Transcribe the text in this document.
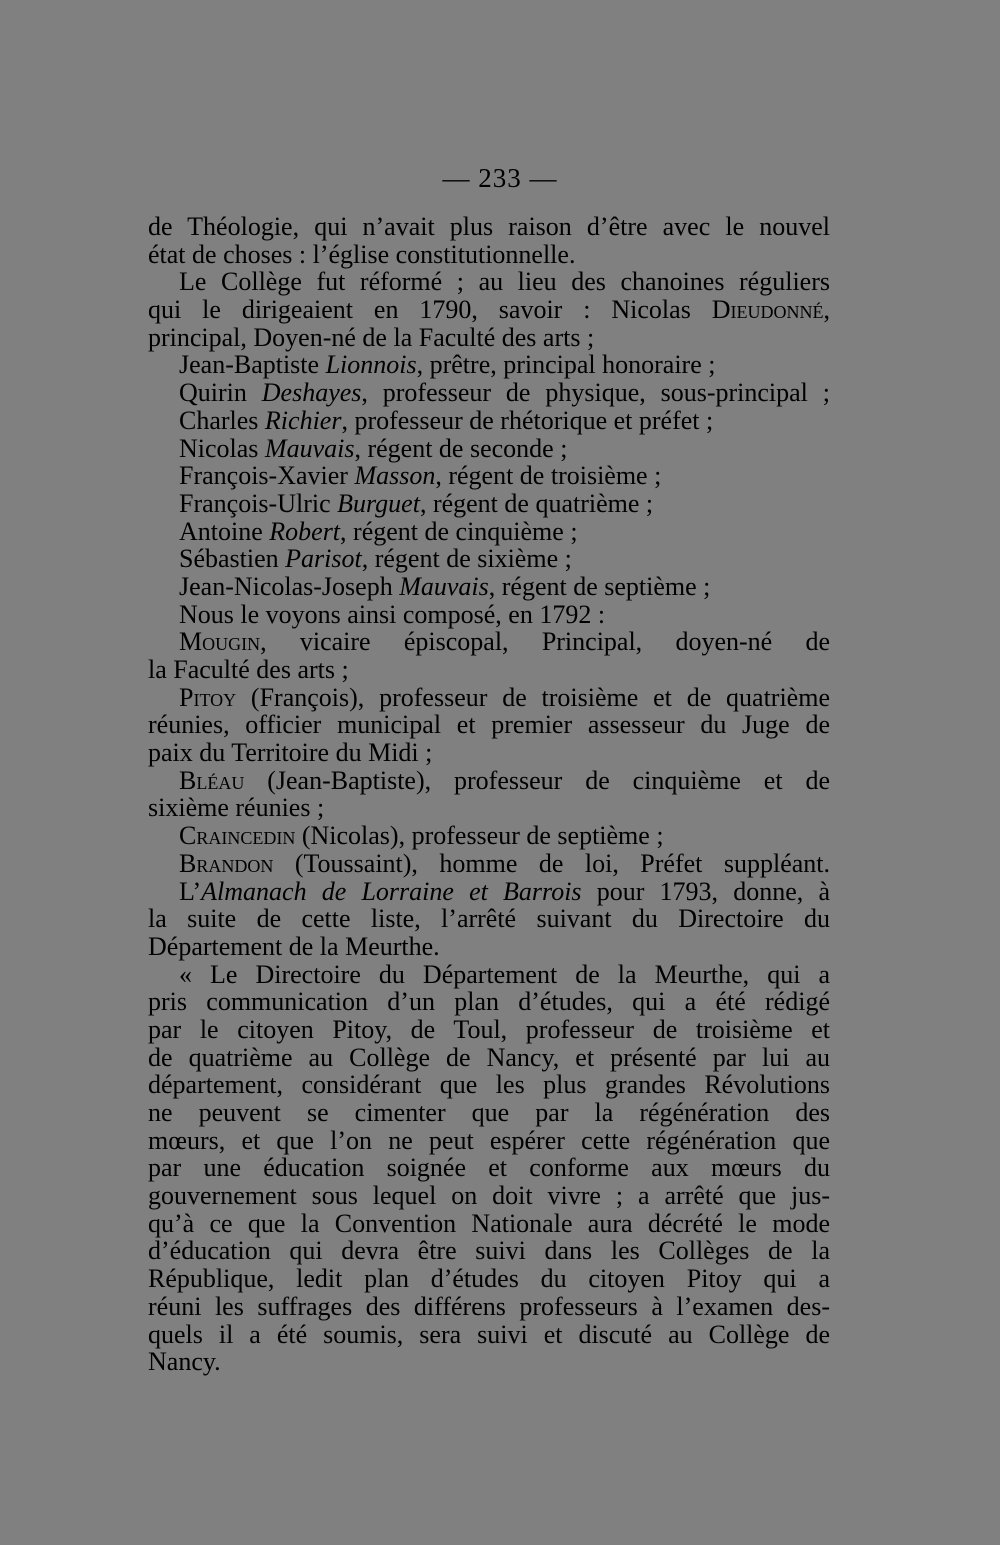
— 233 —
de Théologie, qui n’avait plus raison d’être avec le nouvel
état de choses : l’église constitutionnelle.
Le Collège fut réformé ; au lieu des chanoines réguliers
qui le dirigeaient en 1790, savoir : Nicolas Dieudonné,
principal, Doyen-né de la Faculté des arts ;
Jean-Baptiste Lionnois, prêtre, principal honoraire ;
Quirin Deshayes, professeur de physique, sous-principal ;
Charles Richier, professeur de rhétorique et préfet ;
Nicolas Mauvais, régent de seconde ;
François-Xavier Masson, régent de troisième ;
François-Ulric Burguet, régent de quatrième ;
Antoine Robert, régent de cinquième ;
Sébastien Parisot, régent de sixième ;
Jean-Nicolas-Joseph Mauvais, régent de septième ;
Nous le voyons ainsi composé, en 1792 :
Mougin, vicaire épiscopal, Principal, doyen-né de
la Faculté des arts ;
Pitoy (François), professeur de troisième et de quatrième
réunies, officier municipal et premier assesseur du Juge de
paix du Territoire du Midi ;
Bléau (Jean-Baptiste), professeur de cinquième et de
sixième réunies ;
Craincedin (Nicolas), professeur de septième ;
Brandon (Toussaint), homme de loi, Préfet suppléant.
L’Almanach de Lorraine et Barrois pour 1793, donne, à
la suite de cette liste, l’arrêté suivant du Directoire du
Département de la Meurthe.
« Le Directoire du Département de la Meurthe, qui a
pris communication d’un plan d’études, qui a été rédigé
par le citoyen Pitoy, de Toul, professeur de troisième et
de quatrième au Collège de Nancy, et présenté par lui au
département, considérant que les plus grandes Révolutions
ne peuvent se cimenter que par la régénération des
mœurs, et que l’on ne peut espérer cette régénération que
par une éducation soignée et conforme aux mœurs du
gouvernement sous lequel on doit vivre ; a arrêté que jus-
qu’à ce que la Convention Nationale aura décrété le mode
d’éducation qui devra être suivi dans les Collèges de la
République, ledit plan d’études du citoyen Pitoy qui a
réuni les suffrages des différens professeurs à l’examen des-
quels il a été soumis, sera suivi et discuté au Collège de
Nancy.
